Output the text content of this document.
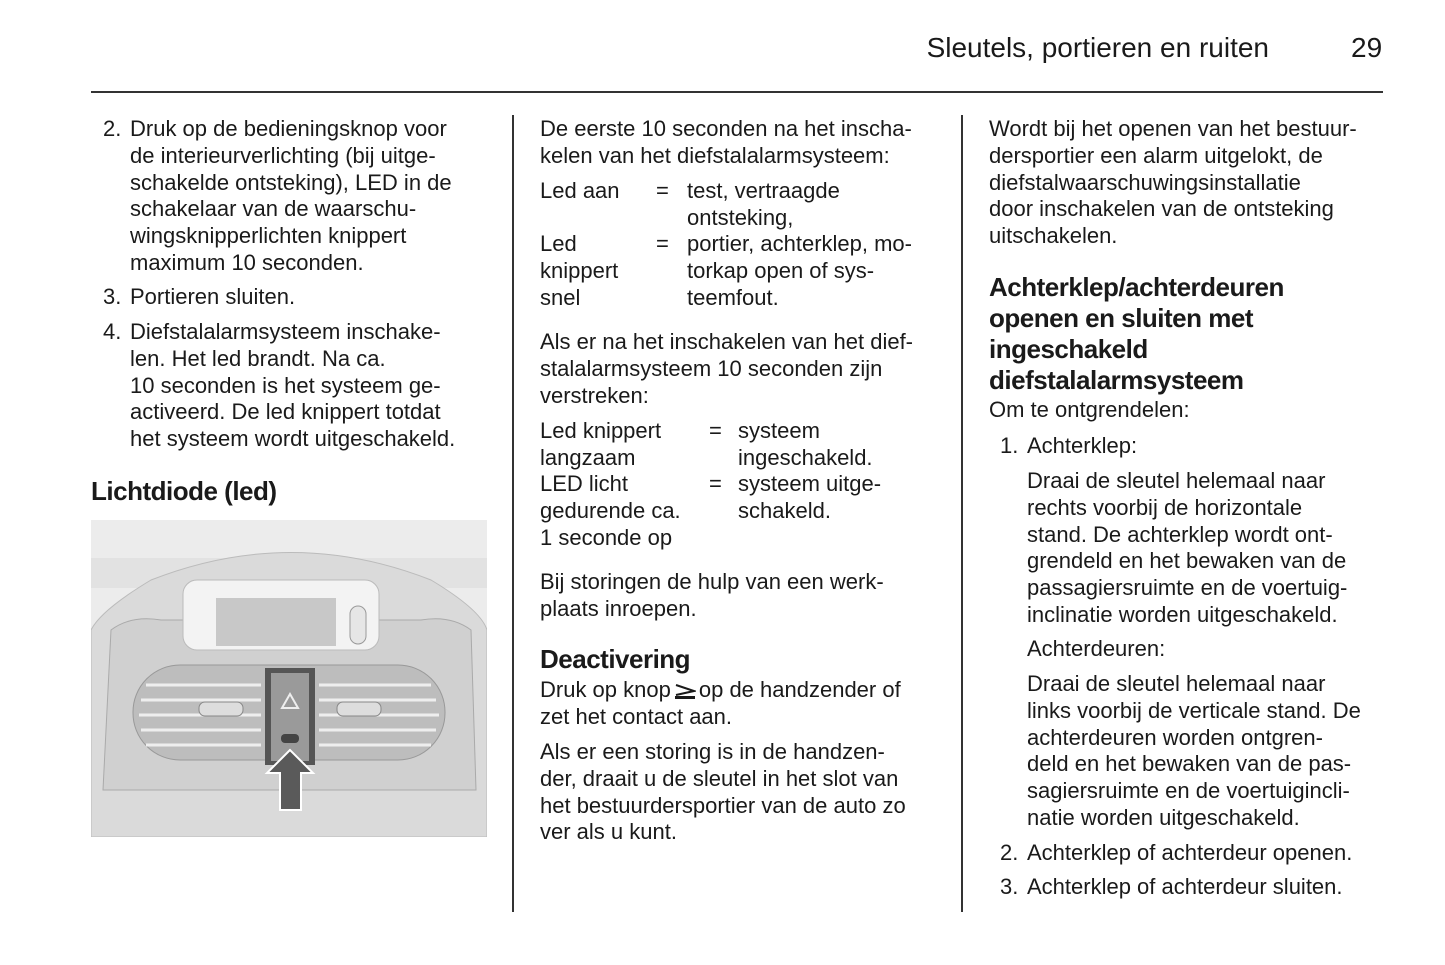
Sleutels, portieren en ruiten	29
2. Druk op de bedieningsknop voor
de interieurverlichting (bij uitge-
schakelde ontsteking), LED in de
schakelaar van de waarschu-
wingsknipperlichten knippert
maximum 10 seconden.
3. Portieren sluiten.
4. Diefstalalarmsysteem inschake-
len. Het led brandt. Na ca.
10 seconden is het systeem ge-
activeerd. De led knippert totdat
het systeem wordt uitgeschakeld.
Lichtdiode (led)
De eerste 10 seconden na het inscha-
kelen van het diefstalalarmsysteem:
Led aan = test, vertraagde
ontsteking,
Led
knippert
snel
= portier, achterklep, mo-
torkap open of sys-
teemfout.
Als er na het inschakelen van het dief-
stalalarmsysteem 10 seconden zijn
verstreken:
Led knippert
langzaam
= systeem
ingeschakeld.
LED licht
gedurende ca.
1 seconde op
= systeem uitge-
schakeld.
Bij storingen de hulp van een werk-
plaats inroepen.
Deactivering
Druk op knop op de handzender of
zet het contact aan.
Als er een storing is in de handzen-
der, draait u de sleutel in het slot van
het bestuurdersportier van de auto zo
ver als u kunt.
Wordt bij het openen van het bestuur-
dersportier een alarm uitgelokt, de
diefstalwaarschuwingsinstallatie
door inschakelen van de ontsteking
uitschakelen.
Achterklep/achterdeuren
openen en sluiten met
ingeschakeld
diefstalalarmsysteem
Om te ontgrendelen:
1. Achterklep:
Draai de sleutel helemaal naar
rechts voorbij de horizontale
stand. De achterklep wordt ont-
grendeld en het bewaken van de
passagiersruimte en de voertuig-
inclinatie worden uitgeschakeld.
Achterdeuren:
Draai de sleutel helemaal naar
links voorbij de verticale stand. De
achterdeuren worden ontgren-
deld en het bewaken van de pas-
sagiersruimte en de voertuigincli-
natie worden uitgeschakeld.
2. Achterklep of achterdeur openen.
3. Achterklep of achterdeur sluiten.
